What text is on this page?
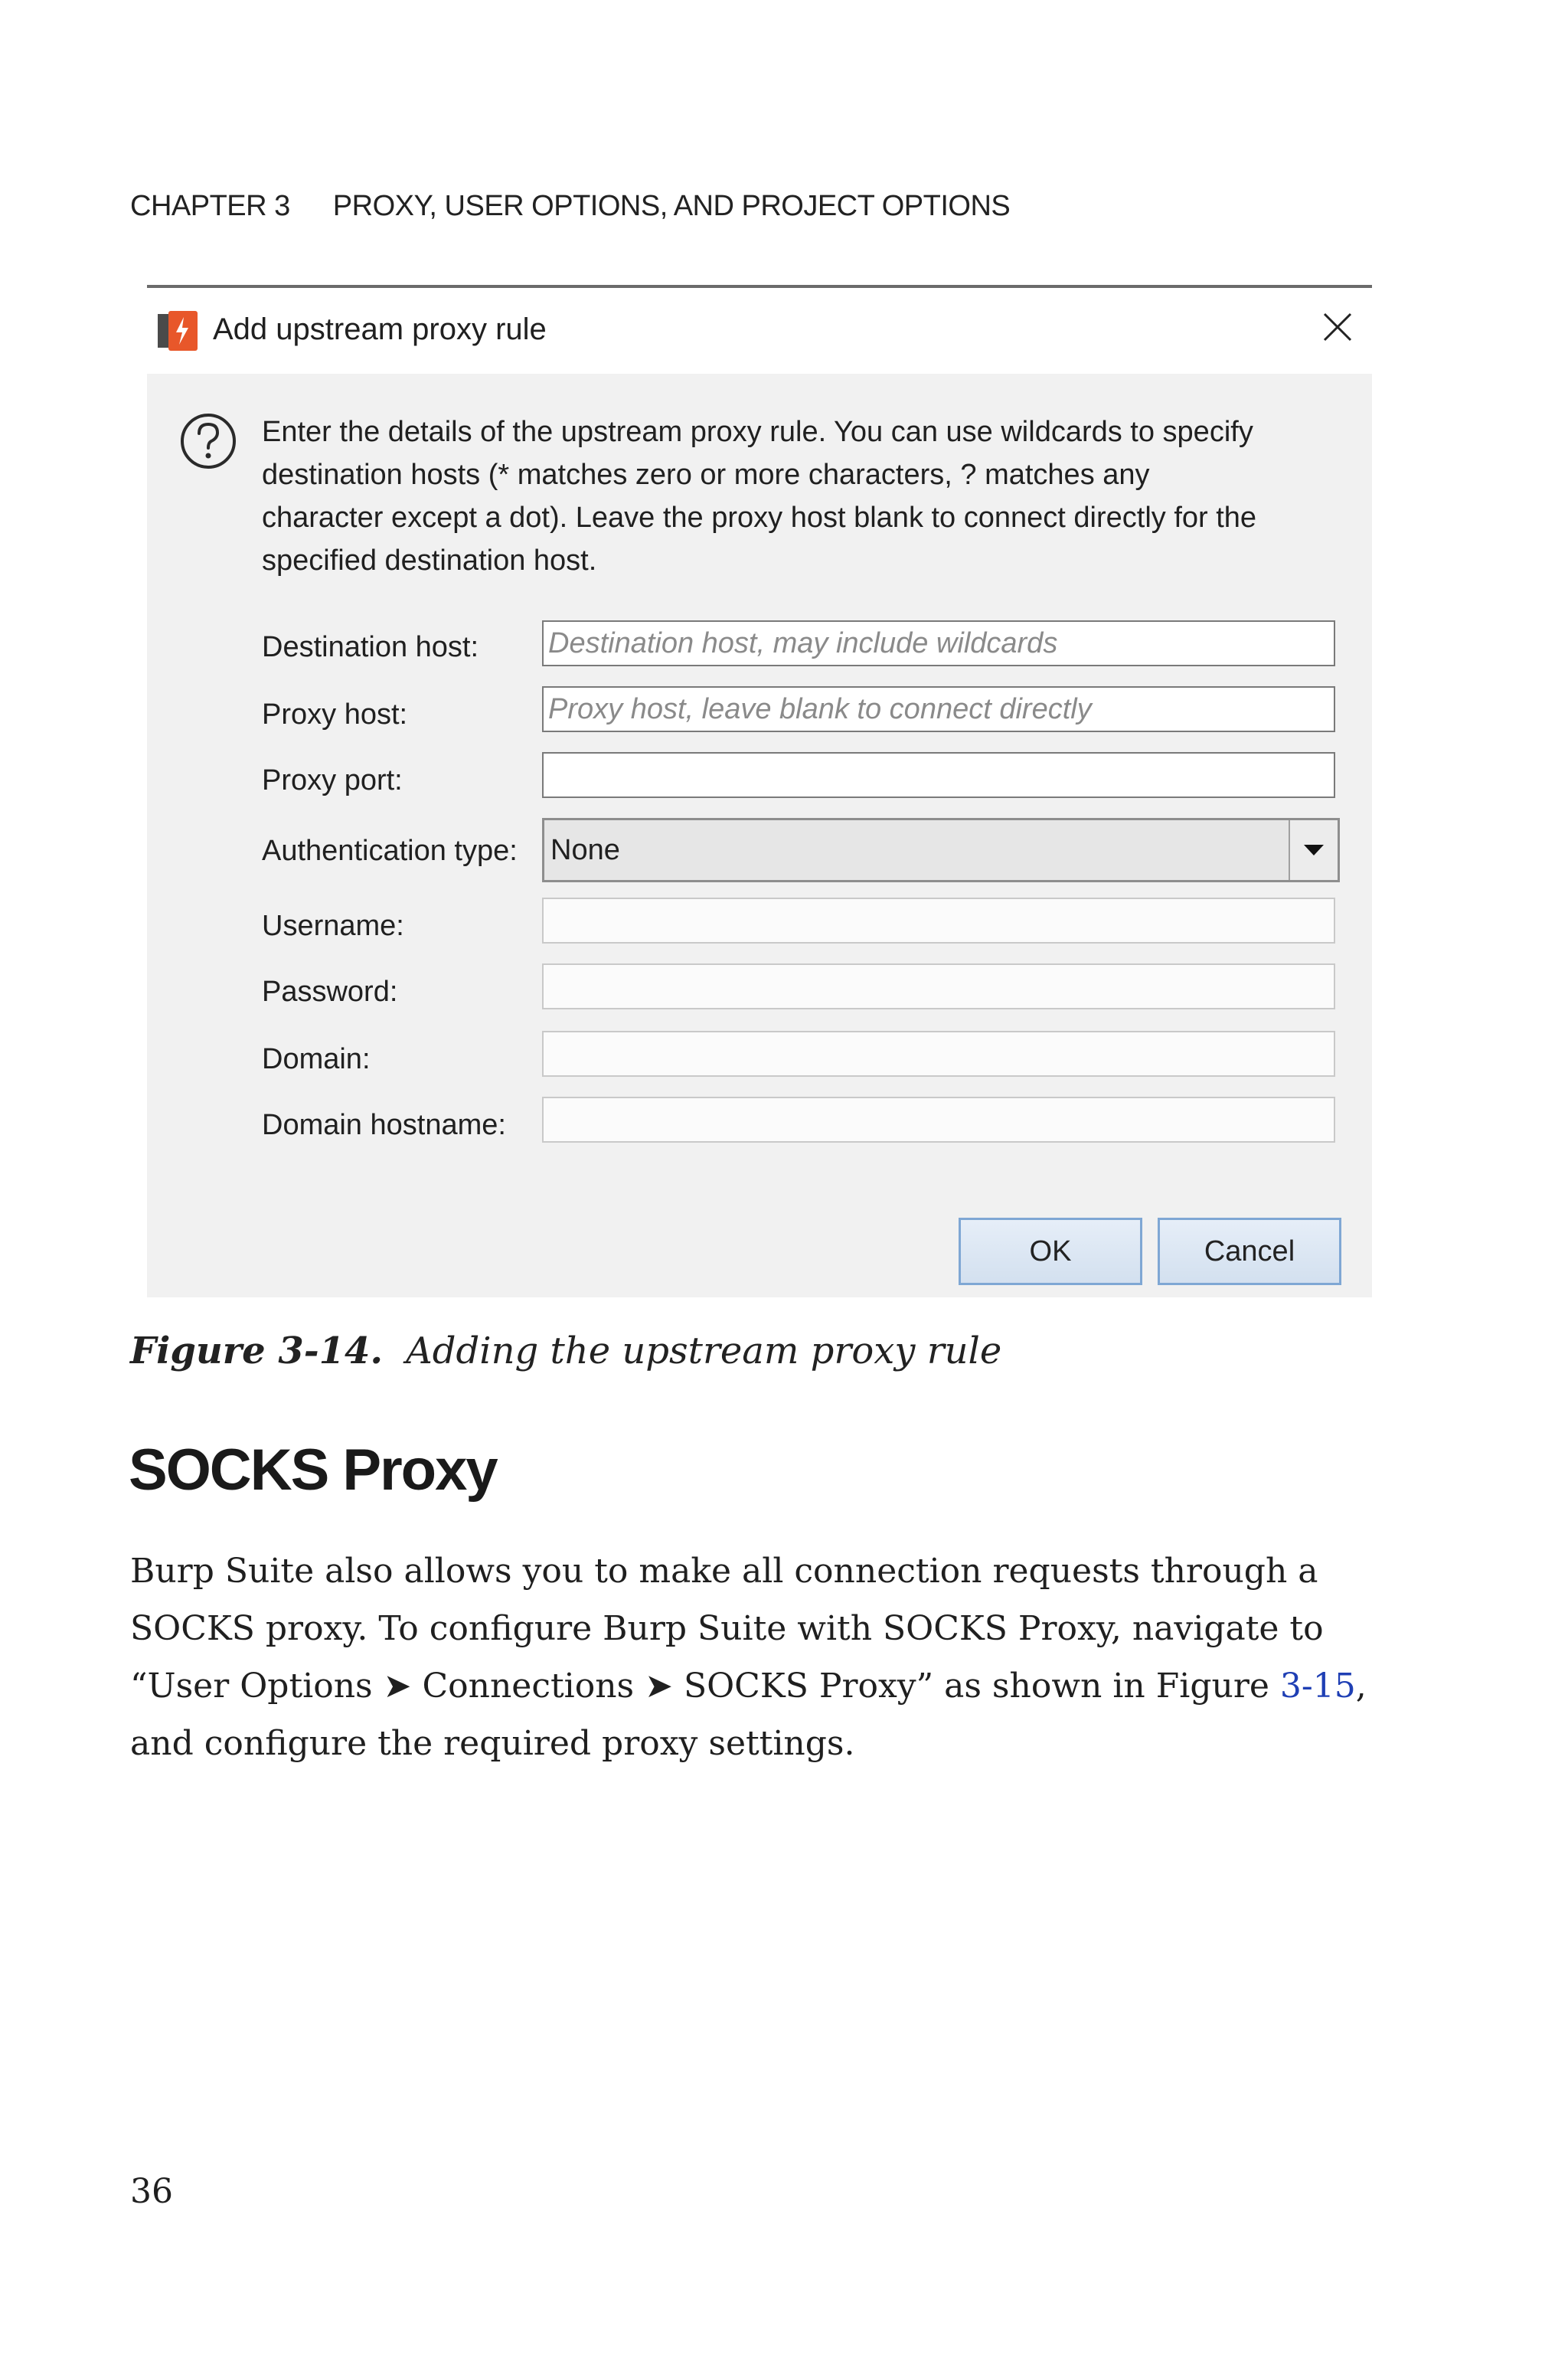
CHAPTER 3 PROXY, USER OPTIONS, AND PROJECT OPTIONS
Add upstream proxy rule
Enter the details of the upstream proxy rule. You can use wildcards to specify
destination hosts (* matches zero or more characters, ? matches any
character except a dot). Leave the proxy host blank to connect directly for the
specified destination host.
Destination host:
Destination host, may include wildcards
Proxy host:
Proxy host, leave blank to connect directly
Proxy port:
Authentication type: None
Username:
Password:
Domain:
Domain hostname:
OK	Cancel
Figure 3-14. Adding the upstream proxy rule
SOCKS Proxy
Burp Suite also allows you to make all connection requests through a SOCKS proxy. To configure Burp Suite with SOCKS Proxy, navigate to “User Options ➤ Connections ➤ SOCKS Proxy” as shown in Figure 3-15, and configure the required proxy settings.
36
